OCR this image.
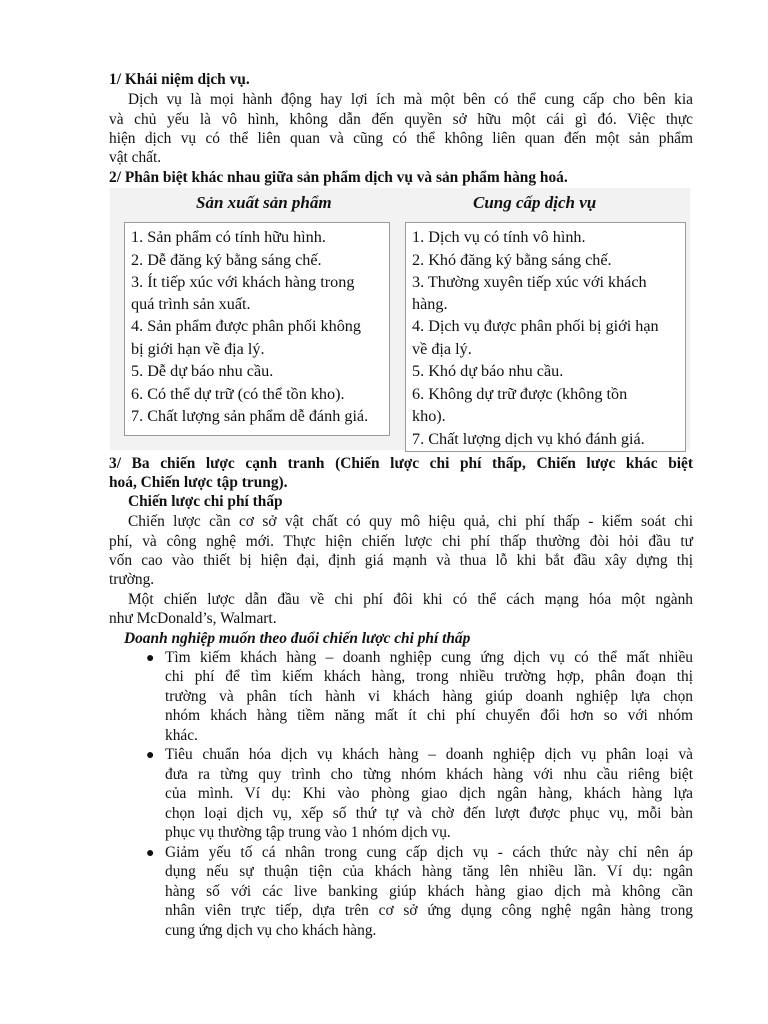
1/ Khái niệm dịch vụ.
Dịch vụ là mọi hành động hay lợi ích mà một bên có thể cung cấp cho bên kia
và chủ yếu là vô hình, không dẫn đến quyền sở hữu một cái gì đó. Việc thực
hiện dịch vụ có thể liên quan và cũng có thể không liên quan đến một sản phẩm
vật chất.
2/ Phân biệt khác nhau giữa sản phẩm dịch vụ và sản phẩm hàng hoá.
Sản xuất sản phẩm	Cung cấp dịch vụ
1. Sản phẩm có tính hữu hình.
2. Dễ đăng ký bằng sáng chế.
3. Ít tiếp xúc với khách hàng trong
quá trình sản xuất.
4. Sản phẩm được phân phối không
bị giới hạn về địa lý.
5. Dễ dự báo nhu cầu.
6. Có thể dự trữ (có thể tồn kho).
7. Chất lượng sản phẩm dễ đánh giá.
1. Dịch vụ có tính vô hình.
2. Khó đăng ký bằng sáng chế.
3. Thường xuyên tiếp xúc với khách
hàng.
4. Dịch vụ được phân phối bị giới hạn
về địa lý.
5. Khó dự báo nhu cầu.
6. Không dự trữ được (không tồn
kho).
7. Chất lượng dịch vụ khó đánh giá.
3/ Ba chiến lược cạnh tranh (Chiến lược chi phí thấp, Chiến lược khác biệt
hoá, Chiến lược tập trung).
Chiến lược chi phí thấp
Chiến lược cần cơ sở vật chất có quy mô hiệu quả, chi phí thấp - kiểm soát chi
phí, và công nghệ mới. Thực hiện chiến lược chi phí thấp thường đòi hỏi đầu tư
vốn cao vào thiết bị hiện đại, định giá mạnh và thua lỗ khi bắt đầu xây dựng thị
trường.
Một chiến lược dẫn đầu về chi phí đôi khi có thể cách mạng hóa một ngành
như McDonald’s, Walmart.
Doanh nghiệp muốn theo đuổi chiến lược chi phí thấp
● Tìm kiếm khách hàng – doanh nghiệp cung ứng dịch vụ có thể mất nhiều
chi phí để tìm kiếm khách hàng, trong nhiều trường hợp, phân đoạn thị
trường và phân tích hành vi khách hàng giúp doanh nghiệp lựa chọn
nhóm khách hàng tiềm năng mất ít chi phí chuyển đổi hơn so với nhóm
khác.
● Tiêu chuẩn hóa dịch vụ khách hàng – doanh nghiệp dịch vụ phân loại và
đưa ra từng quy trình cho từng nhóm khách hàng với nhu cầu riêng biệt
của mình. Ví dụ: Khi vào phòng giao dịch ngân hàng, khách hàng lựa
chọn loại dịch vụ, xếp số thứ tự và chờ đến lượt được phục vụ, mỗi bàn
phục vụ thường tập trung vào 1 nhóm dịch vụ.
● Giảm yếu tố cá nhân trong cung cấp dịch vụ - cách thức này chỉ nên áp
dụng nếu sự thuận tiện của khách hàng tăng lên nhiều lần. Ví dụ: ngân
hàng số với các live banking giúp khách hàng giao dịch mà không cần
nhân viên trực tiếp, dựa trên cơ sở ứng dụng công nghệ ngân hàng trong
cung ứng dịch vụ cho khách hàng.
